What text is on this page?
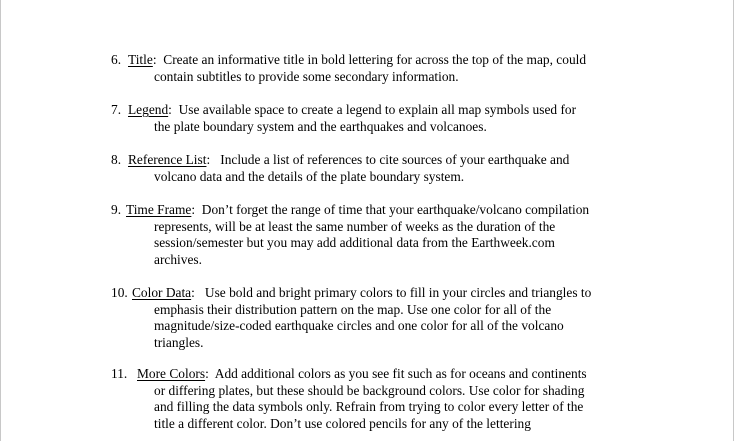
6. Title:  Create an informative title in bold lettering for across the top of the map, could
contain subtitles to provide some secondary information.
7. Legend:  Use available space to create a legend to explain all map symbols used for
the plate boundary system and the earthquakes and volcanoes.
8. Reference List:   Include a list of references to cite sources of your earthquake and
volcano data and the details of the plate boundary system.
9. Time Frame:  Don’t forget the range of time that your earthquake/volcano compilation
represents, will be at least the same number of weeks as the duration of the
session/semester but you may add additional data from the Earthweek.com
archives.
10. Color Data:   Use bold and bright primary colors to fill in your circles and triangles to
emphasis their distribution pattern on the map. Use one color for all of the
magnitude/size-coded earthquake circles and one color for all of the volcano
triangles.
11. More Colors:  Add additional colors as you see fit such as for oceans and continents
or differing plates, but these should be background colors. Use color for shading
and filling the data symbols only. Refrain from trying to color every letter of the
title a different color. Don’t use colored pencils for any of the lettering
